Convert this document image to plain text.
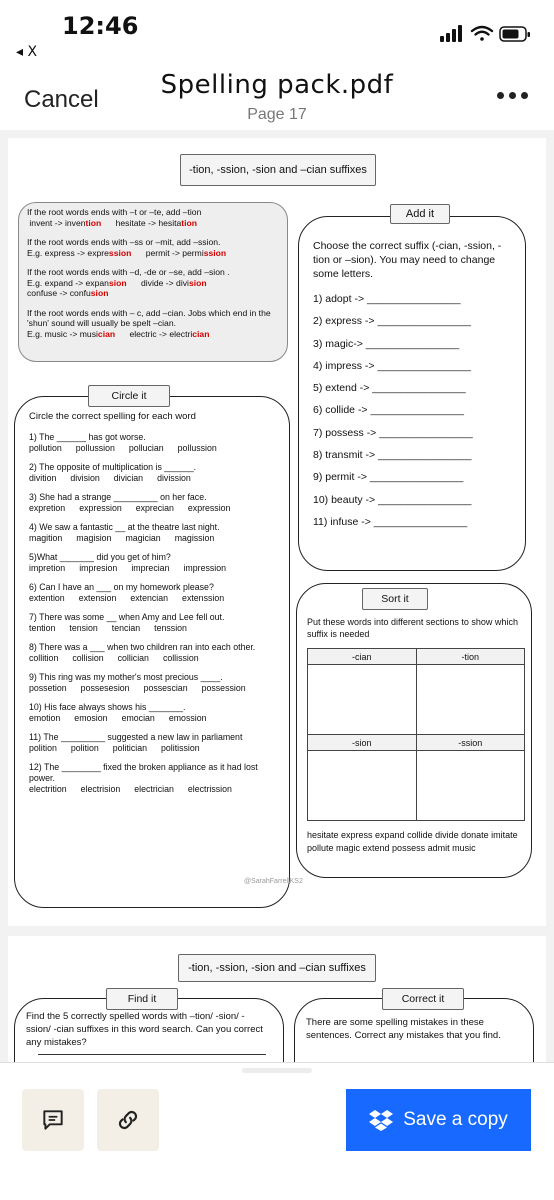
12:46
◂ X
Cancel	Spelling pack.pdf
Page 17
-tion, -ssion, -sion and –cian suffixes

If the root words ends with –t or –te, add –tion
invent -> invention hesitate -> hesitation

If the root words ends with –ss or –mit, add –ssion.
E.g. express -> expression permit -> permission

If the root words ends with –d, -de or –se, add –sion .
E.g. expand -> expansion divide -> division
confuse -> confusion

If the root words ends with – c, add –cian. Jobs which end in the 'shun' sound will usually be spelt –cian.
E.g. music -> musician electric -> electrician

Circle the correct spelling for each word
1) The ______ has got worse.
pollution pollussion pollucian pollussion
2) The opposite of multiplication is ______.
divition division divician divission
3) She had a strange _________ on her face.
expretion expression exprecian expression
4) We saw a fantastic __ at the theatre last night.
magition magision magician magission
5)What _______ did you get of him?
impretion impresion imprecian impression
6) Can I have an ___ on my homework please?
extention extension extencian extenssion
7) There was some __ when Amy and Lee fell out.
tention tension tencian tenssion
8) There was a ___ when two children ran into each other.
collition collision collician collission
9) This ring was my mother's most precious ____.
possetion possesesion possescian possession
10) His face always shows his _______.
emotion emosion emocian emossion
11) The _________ suggested a new law in parliament
polition polition politician politission
12) The ________ fixed the broken appliance as it had lost power.
electrition electrision electrician electrission
Circle it
Choose the correct suffix (-cian, -ssion, -tion or –sion). You may need to change some letters.
1) adopt -> ________________
2) express -> ________________
3) magic-> ________________
4) impress -> ________________
5) extend -> ________________
6) collide -> ________________
7) possess -> ________________
8) transmit -> ________________
9) permit -> ________________
10) beauty -> ________________
11) infuse -> ________________
Add it
Put these words into different sections to show which suffix is needed
-cian	-tion

-sion	-ssion

hesitate express expand collide divide donate imitate pollute magic extend possess admit music
Sort it
@SarahFarrellKS2
-tion, -ssion, -sion and –cian suffixes
Find it
Find the 5 correctly spelled words with –tion/ -sion/ -ssion/ -cian suffixes in this word search. Can you correct any mistakes?
Correct it
There are some spelling mistakes in these sentences. Correct any mistakes that you find.
Save a copy
